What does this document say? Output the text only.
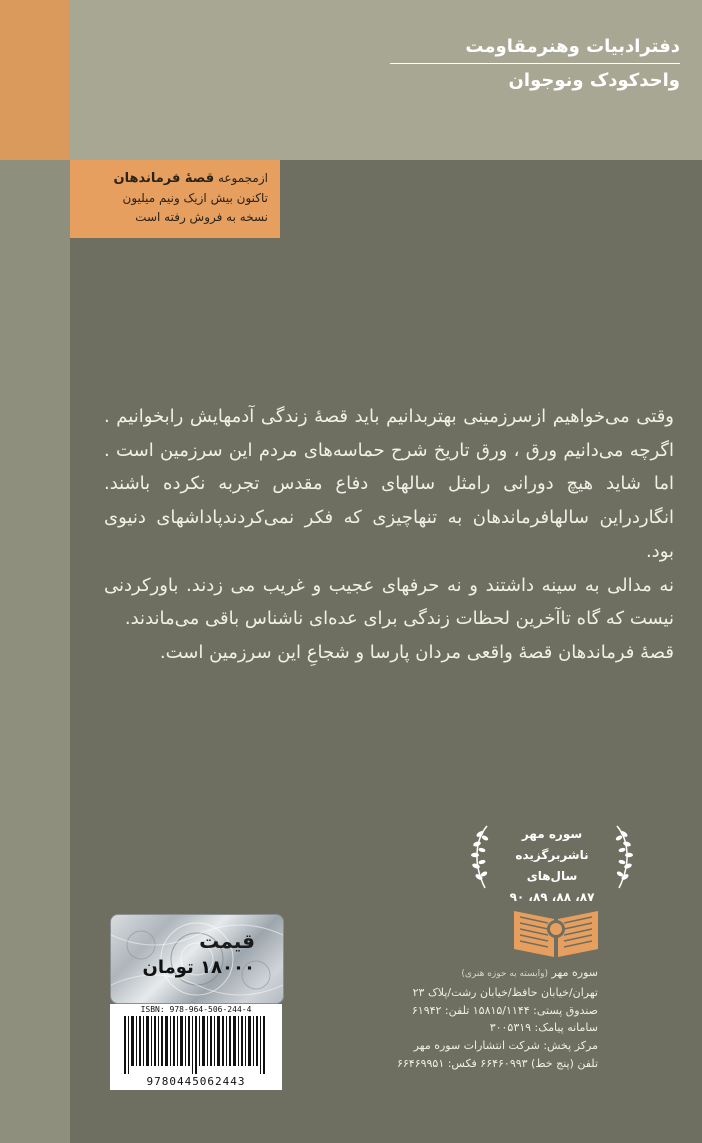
دفترادبیات وهنرمقاومت
واحدکودک ونوجوان
ازمجموعه قصهٔ فرماندهان
تاکنون بیش ازیک ونیم میلیون
نسخه به فروش رفته است

وقتی می‌خواهیم ازسرزمینی بهتربدانیم باید قصهٔ زندگی آدمهایش رابخوانیم . اگرچه می‌دانیم ورق ، ورق تاریخ شرح حماسه‌های مردم این سرزمین است . اما شاید هیچ دورانی رامثل سالهای دفاع مقدس تجربه نکرده باشند. انگاردراین سالهافرماندهان به تنهاچیزی که فکر نمی‌کردندپاداشهای دنیوی بود.

نه مدالی به سینه داشتند و نه حرفهای عجیب و غریب می زدند. باورکردنی نیست که گاه تاآخرین لحظات زندگی برای عده‌ای ناشناس باقی می‌ماندند.

قصهٔ فرماندهان قصهٔ واقعی مردان پارسا و شجاعِ این سرزمین است.

سوره مهر
ناشربرگزیده سال‌های
۸۷، ۸۸، ۸۹، ۹۰
سوره مهر (وابسته به حوزه هنری)
تهران/خیابان حافظ/خیابان رشت/پلاک ۲۳
صندوق پستی: ۱۵۸۱۵/۱۱۴۴ تلفن: ۶۱۹۴۲
سامانه پیامک: ۳۰۰۵۳۱۹
مرکز پخش: شرکت انتشارات سوره مهر
تلفن (پنج خط) ۶۶۴۶۰۹۹۳ فکس: ۶۶۴۶۹۹۵۱
قیمت
۱۸۰۰۰ تومان
ISBN: 978-964-506-244-4
9780445062443
